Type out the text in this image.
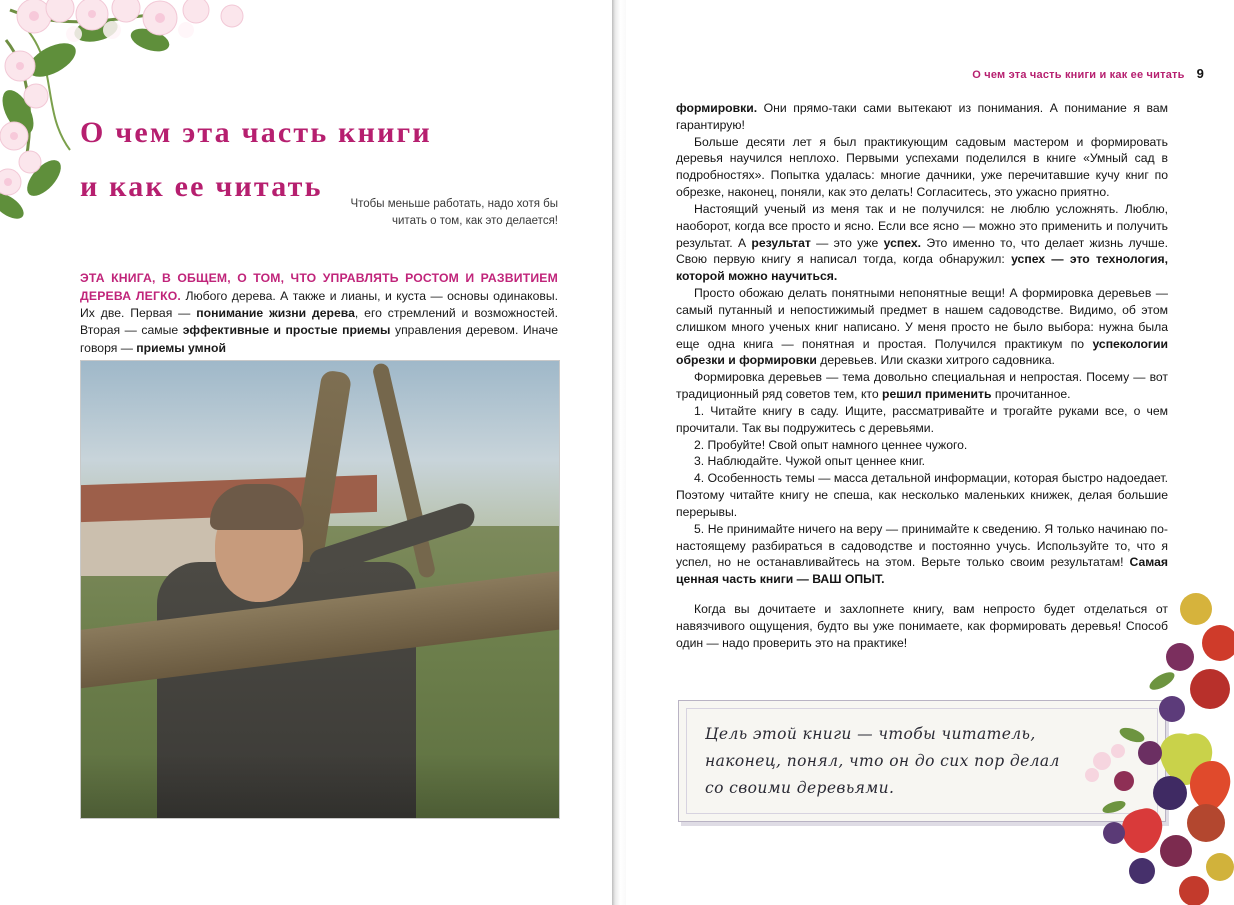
О чем эта часть книги
и как ее читать
Чтобы меньше работать, надо хотя бы
читать о том, как это делается!

ЭТА КНИГА, В ОБЩЕМ, О ТОМ, ЧТО УПРАВЛЯТЬ РОСТОМ И РАЗВИТИЕМ ДЕРЕВА ЛЕГКО. Любого дерева. А также и лианы, и куста — основы одинаковы. Их две. Первая — понимание жизни дерева, его стремлений и возможностей. Вторая — самые эффективные и простые приемы управления деревом. Иначе говоря — приемы умной

О чем эта часть книги и как ее читать 9

формировки. Они прямо-таки сами вытекают из понимания. А понимание я вам гарантирую!

Больше десяти лет я был практикующим садовым мастером и формировать деревья научился неплохо. Первыми успехами поделился в книге «Умный сад в подробностях». Попытка удалась: многие дачники, уже перечитавшие кучу книг по обрезке, наконец, поняли, как это делать! Согласитесь, это ужасно приятно.

Настоящий ученый из меня так и не получился: не люблю усложнять. Люблю, наоборот, когда все просто и ясно. Если все ясно — можно это применить и получить результат. А результат — это уже успех. Это именно то, что делает жизнь лучше. Свою первую книгу я написал тогда, когда обнаружил: успех — это технология, которой можно научиться.

Просто обожаю делать понятными непонятные вещи! А формировка деревьев — самый путанный и непостижимый предмет в нашем садоводстве. Видимо, об этом слишком много ученых книг написано. У меня просто не было выбора: нужна была еще одна книга — понятная и простая. Получился практикум по успекологии обрезки и формировки деревьев. Или сказки хитрого садовника.

Формировка деревьев — тема довольно специальная и непростая. Посему — вот традиционный ряд советов тем, кто решил применить прочитанное.

1. Читайте книгу в саду. Ищите, рассматривайте и трогайте руками все, о чем прочитали. Так вы подружитесь с деревьями.

2. Пробуйте! Свой опыт намного ценнее чужого.

3. Наблюдайте. Чужой опыт ценнее книг.

4. Особенность темы — масса детальной информации, которая быстро надоедает. Поэтому читайте книгу не спеша, как несколько маленьких книжек, делая большие перерывы.

5. Не принимайте ничего на веру — принимайте к сведению. Я только начинаю по-настоящему разбираться в садоводстве и постоянно учусь. Используйте то, что я успел, но не останавливайтесь на этом. Верьте только своим результатам! Самая ценная часть книги — ВАШ ОПЫТ.

Когда вы дочитаете и захлопнете книгу, вам непросто будет отделаться от навязчивого ощущения, будто вы уже понимаете, как формировать деревья! Способ один — надо проверить это на практике!

Цель этой книги — чтобы читатель,
наконец, понял, что он до сих пор делал
со своими деревьями.
